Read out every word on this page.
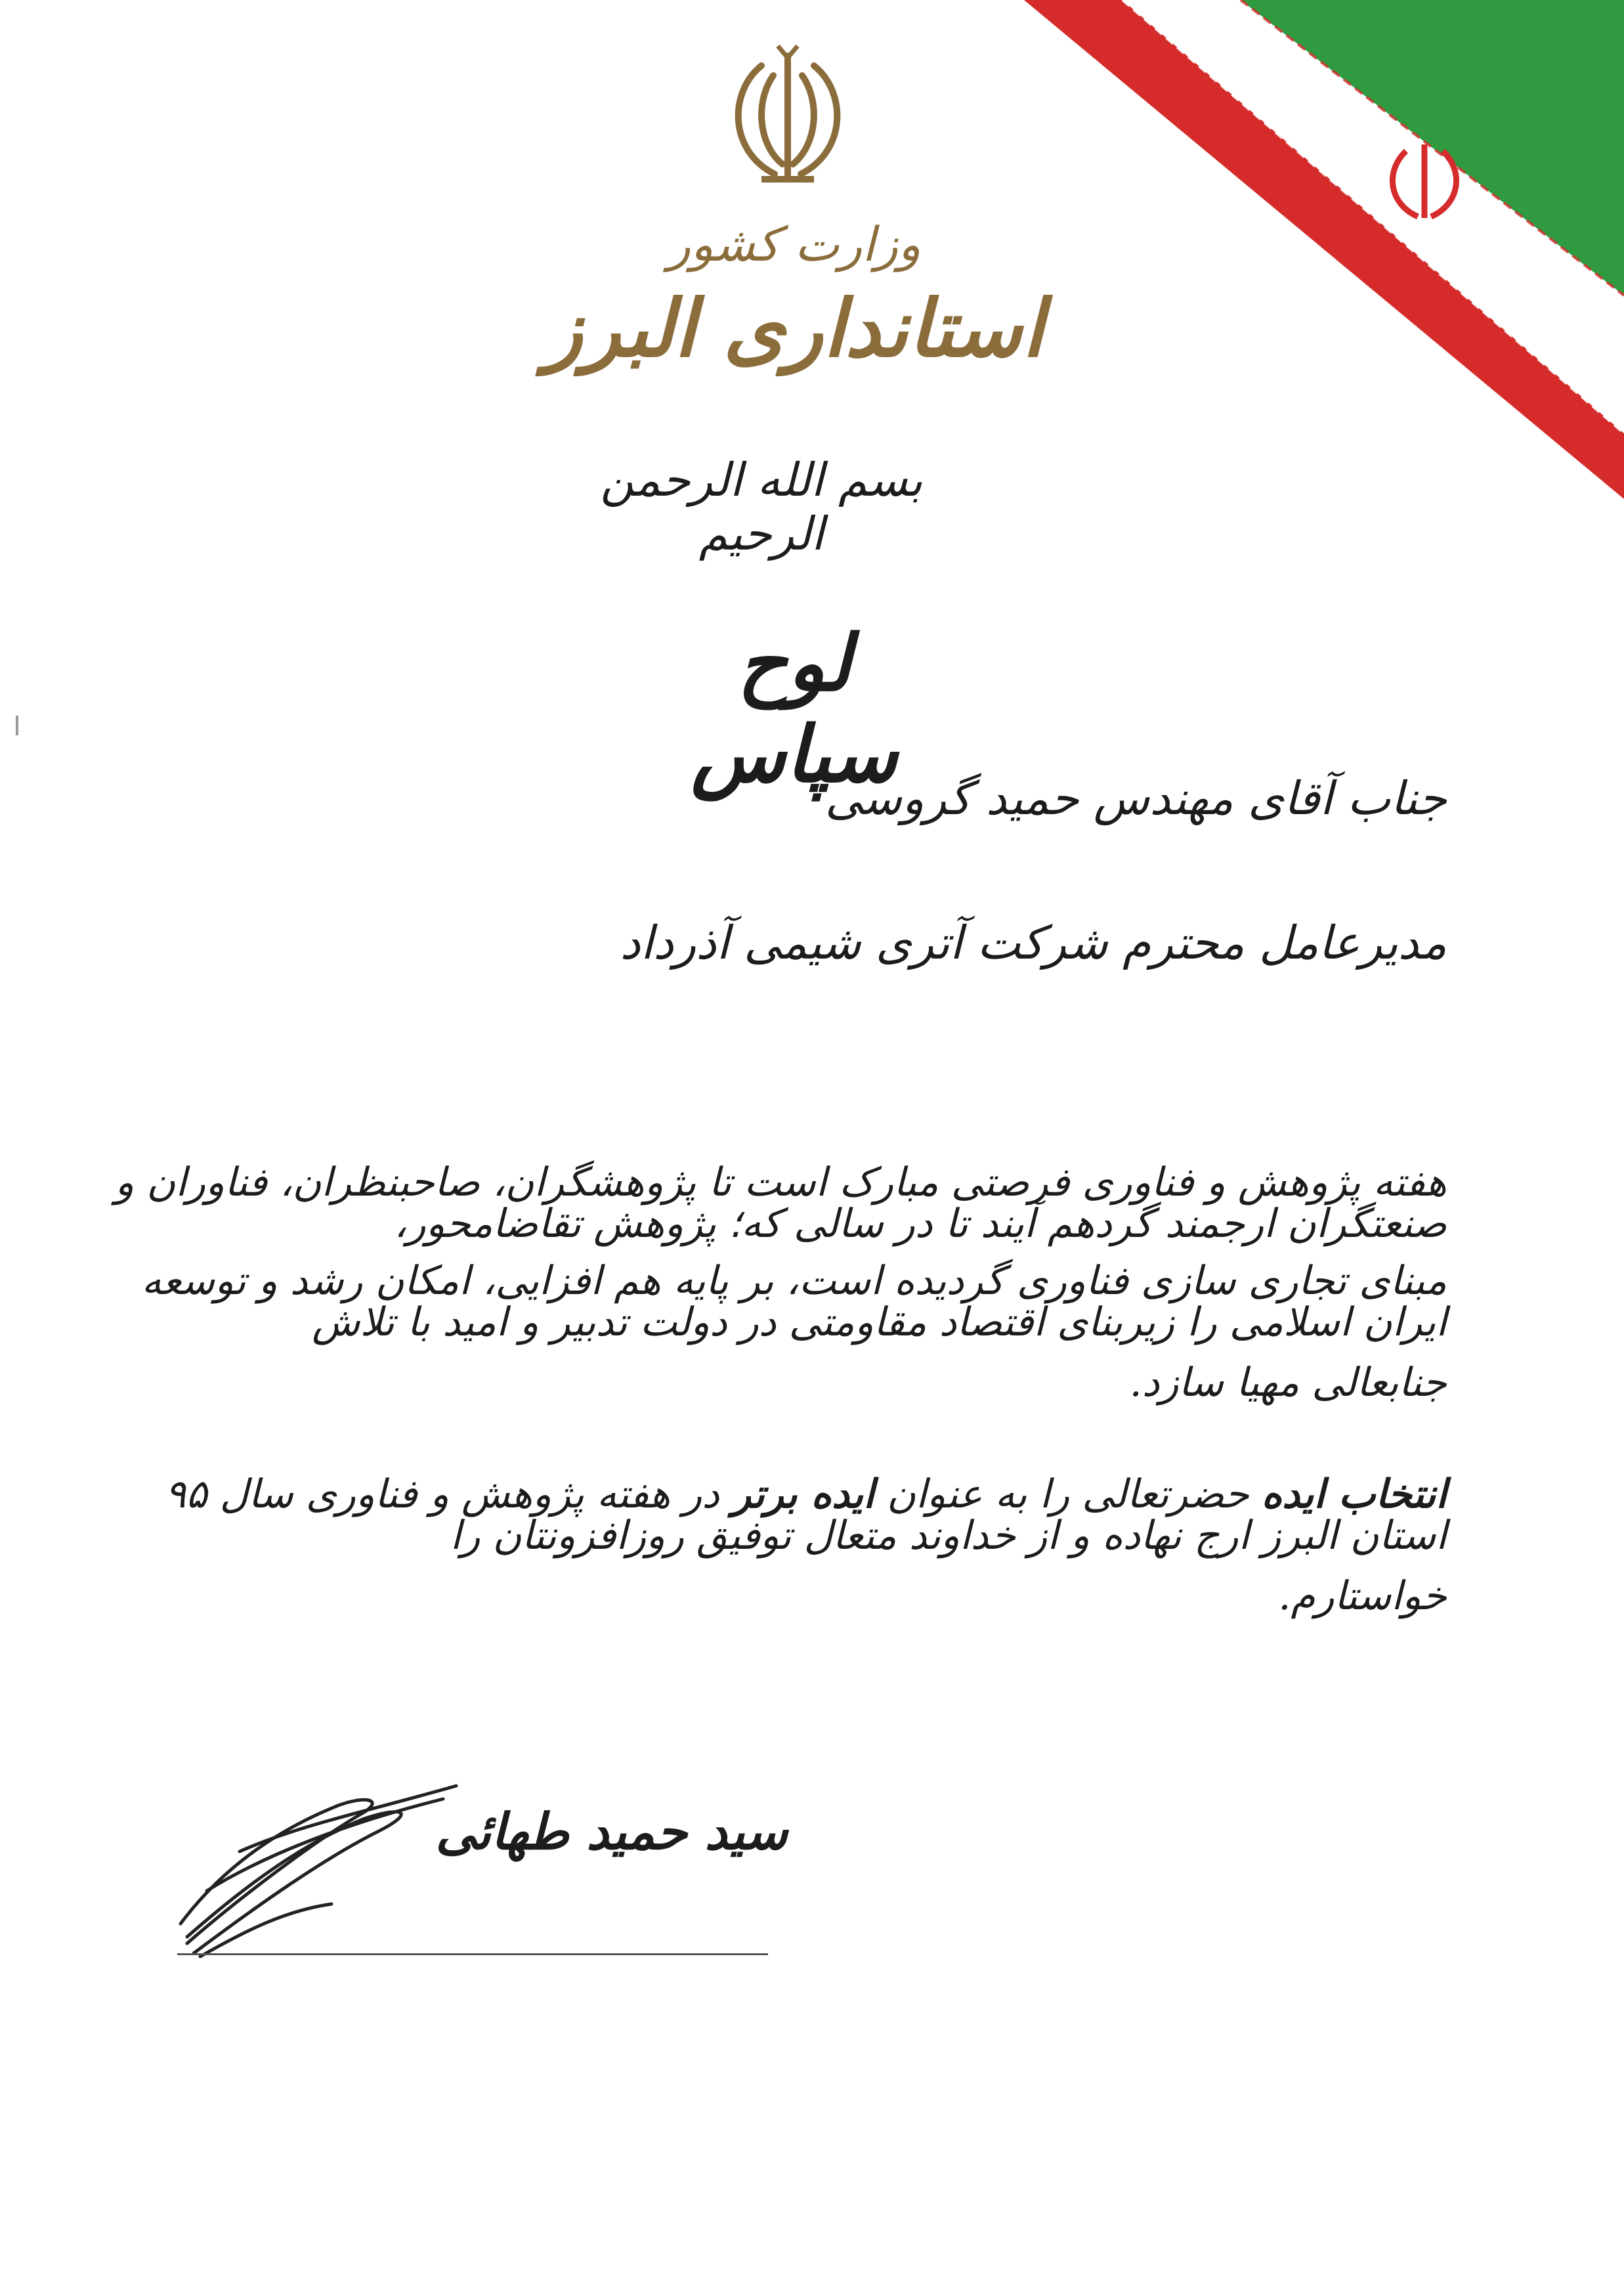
وزارت کشور
استانداری البرز
بسم الله الرحمن الرحیم
لوح سپاس
جناب آقای مهندس حمید گروسی
مدیرعامل محترم شرکت آتری شیمی آذرداد
هفته پژوهش و فناوری فرصتی مبارک است تا پژوهشگران، صاحبنظران، فناوران و صنعتگران ارجمند گردهم آیند تا در سالی که؛ پژوهش تقاضامحور،
مبنای تجاری سازی فناوری گردیده است، بر پایه هم افزایی، امکان رشد و توسعه ایران اسلامی را زیربنای اقتصاد مقاومتی در دولت تدبیر و امید با تلاش
جنابعالی مهیا سازد.
انتخاب ایده حضرتعالی را به عنوان ایده برتر در هفته پژوهش و فناوری سال ۹۵ استان البرز ارج نهاده و از خداوند متعال توفیق روزافزونتان را
خواستارم.
سید حمید طهائی
